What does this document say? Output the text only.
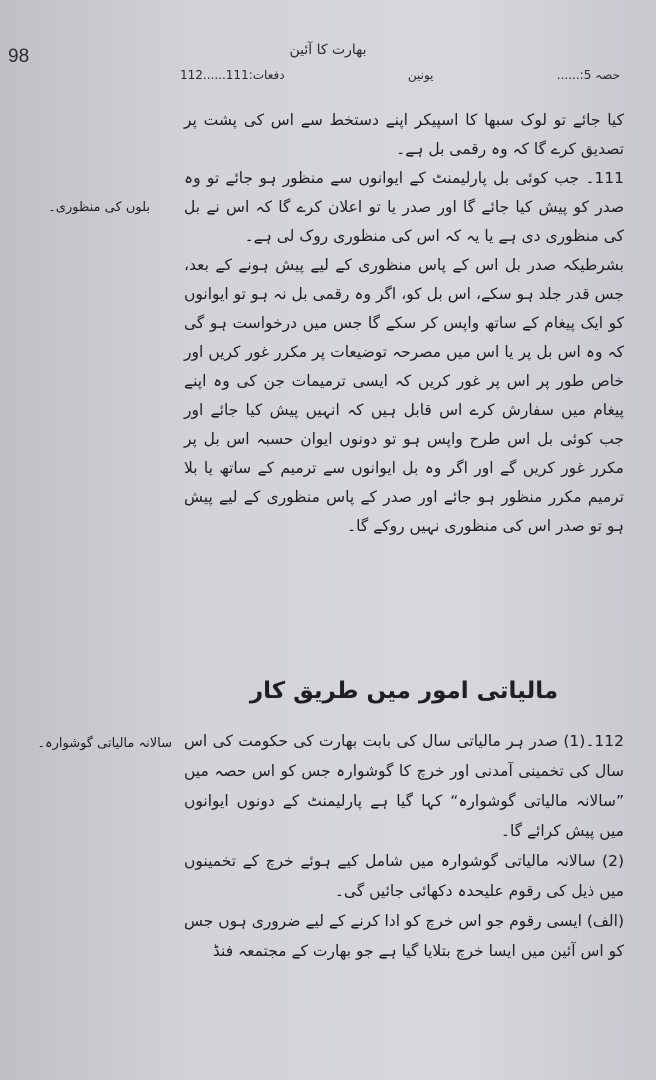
98	بھارت کا آئین
حصہ 5:......
یونین
دفعات:111......112

کیا جائے تو لوک سبھا کا اسپیکر اپنے دستخط سے اس کی پشت پر تصدیق کرے گا کہ وہ رقمی بل ہے۔

111۔ جب کوئی بل پارلیمنٹ کے ایوانوں سے منظور ہو جائے تو وہ صدر کو پیش کیا جائے گا اور صدر یا تو اعلان کرے گا کہ اس نے بل کی منظوری دی ہے یا یہ کہ اس کی منظوری روک لی ہے۔

بشرطیکہ صدر بل اس کے پاس منظوری کے لیے پیش ہونے کے بعد، جس قدر جلد ہو سکے، اس بل کو، اگر وہ رقمی بل نہ ہو تو ایوانوں کو ایک پیغام کے ساتھ واپس کر سکے گا جس میں درخواست ہو گی کہ وہ اس بل پر یا اس میں مصرحہ توضیعات پر مکرر غور کریں اور خاص طور پر اس پر غور کریں کہ ایسی ترمیمات جن کی وہ اپنے پیغام میں سفارش کرے اس قابل ہیں کہ انہیں پیش کیا جائے اور جب کوئی بل اس طرح واپس ہو تو دونوں ایوان حسبہ اس بل پر مکرر غور کریں گے اور اگر وہ بل ایوانوں سے ترمیم کے ساتھ یا بلا ترمیم مکرر منظور ہو جائے اور صدر کے پاس منظوری کے لیے پیش ہو تو صدر اس کی منظوری نہیں روکے گا۔

بلوں کی منظوری۔
مالیاتی امور میں طریق کار

112۔(1) صدر ہر مالیاتی سال کی بابت بھارت کی حکومت کی اس سال کی تخمینی آمدنی اور خرچ کا گوشوارہ جس کو اس حصہ میں ”سالانہ مالیاتی گوشوارہ“ کہا گیا ہے پارلیمنٹ کے دونوں ایوانوں میں پیش کرائے گا۔

(2) سالانہ مالیاتی گوشوارہ میں شامل کیے ہوئے خرچ کے تخمینوں میں ذیل کی رقوم علیحدہ دکھائی جائیں گی۔

(الف) ایسی رقوم جو اس خرچ کو ادا کرنے کے لیے ضروری ہوں جس کو اس آئین میں ایسا خرچ بتلایا گیا ہے جو بھارت کے مجتمعہ فنڈ

سالانہ مالیاتی گوشوارہ۔
